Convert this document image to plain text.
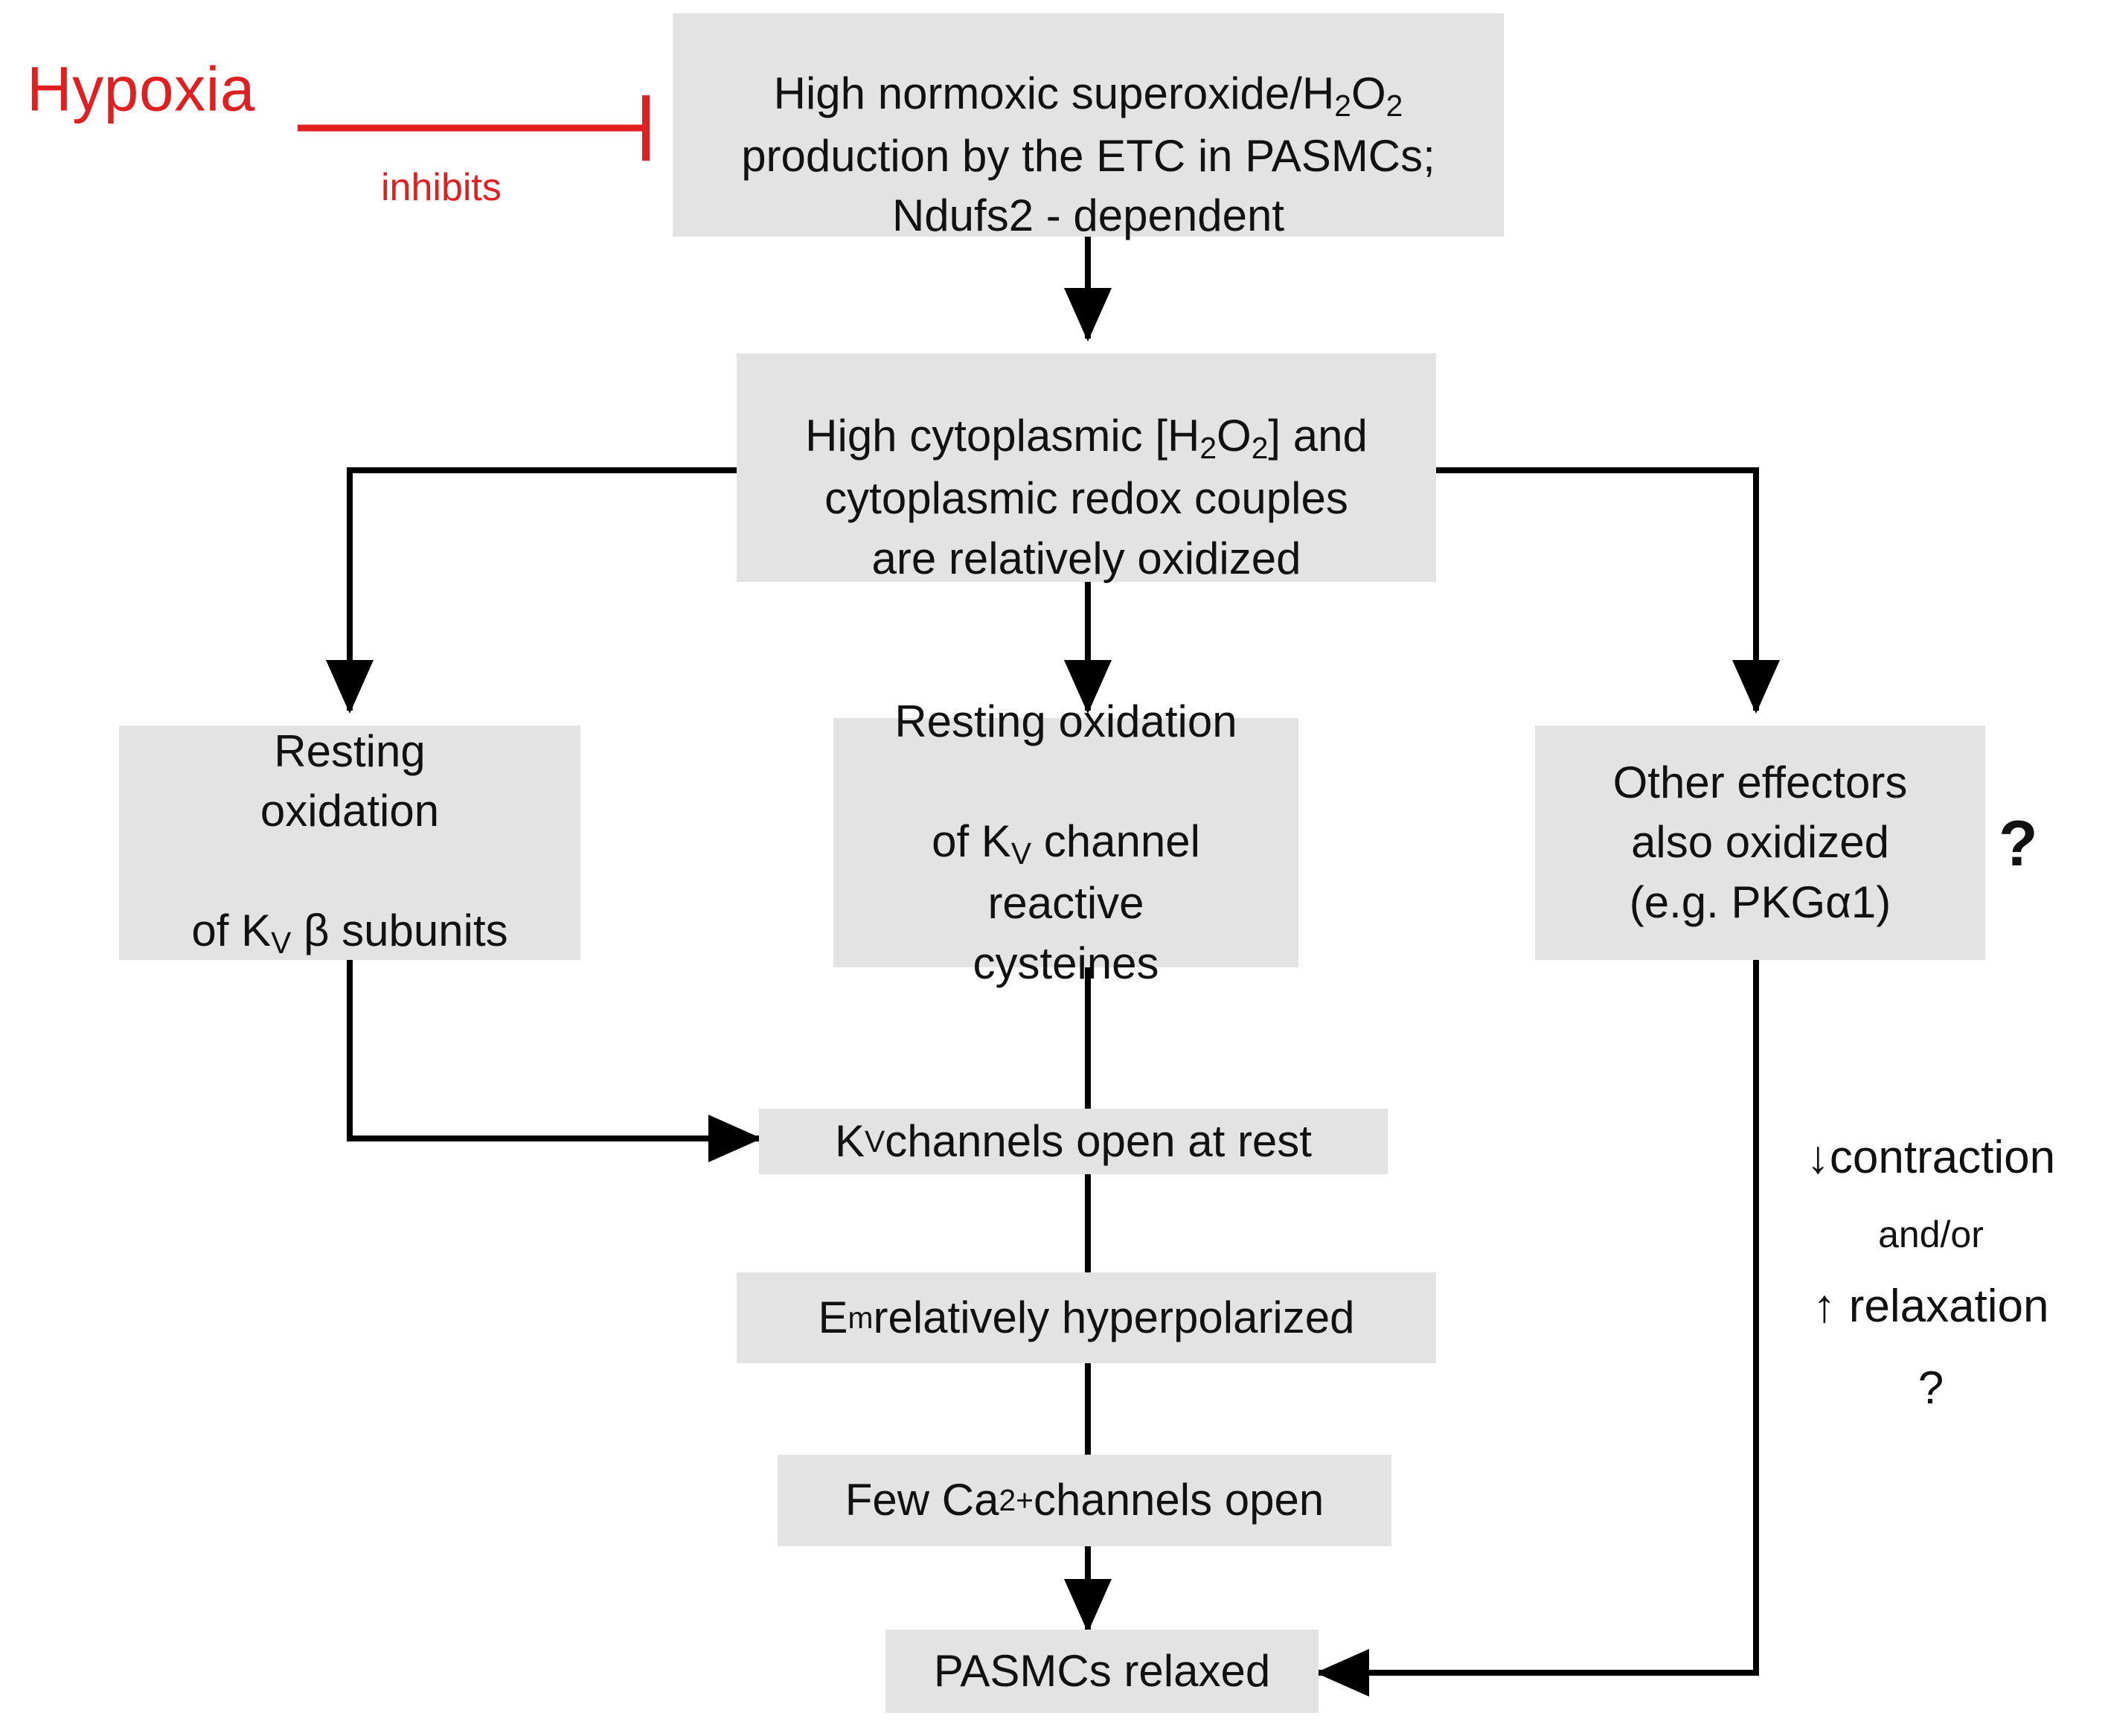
Hypoxia
inhibits

High normoxic superoxide/$H_2O_2$

production by the ETC in PASMCs;
Ndufs2 - dependent

High cytoplasmic $[H_2O_2]$ and

cytoplasmic redox couples
are relatively oxidized
Resting
oxidation

of $K_V$ β subunits

Resting oxidation

of $K_V$ channel

reactive
cysteines
Other effectors
also oxidized
(e.g. PKGα1)
?
K V channels open at rest
E m relatively hyperpolarized
Few Ca 2+ channels open
PASMCs relaxed
↓contraction
and/or
↑ relaxation
?
